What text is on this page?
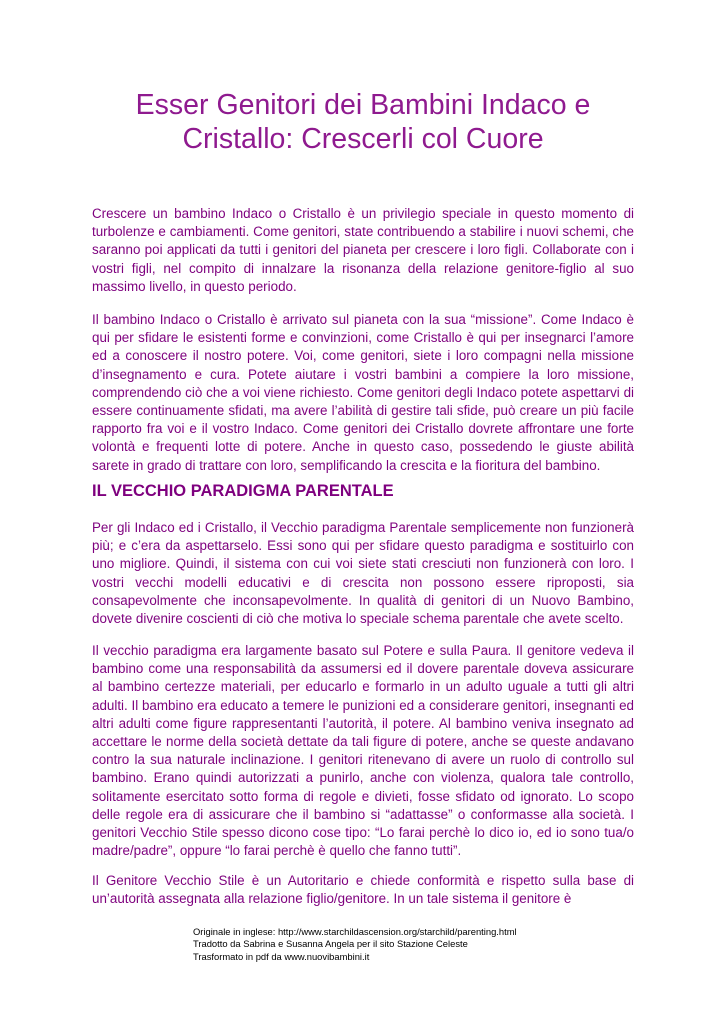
Esser Genitori dei Bambini Indaco e Cristallo: Crescerli col Cuore

Crescere un bambino Indaco o Cristallo è un privilegio speciale in questo momento di turbolenze e cambiamenti. Come genitori, state contribuendo a stabilire i nuovi schemi, che saranno poi applicati da tutti i genitori del pianeta per crescere i loro figli. Collaborate con i vostri figli, nel compito di innalzare la risonanza della relazione genitore-figlio al suo massimo livello, in questo periodo.

Il bambino Indaco o Cristallo è arrivato sul pianeta con la sua “missione”. Come Indaco è qui per sfidare le esistenti forme e convinzioni, come Cristallo è qui per insegnarci l’amore ed a conoscere il nostro potere. Voi, come genitori, siete i loro compagni nella missione d’insegnamento e cura. Potete aiutare i vostri bambini a compiere la loro missione, comprendendo ciò che a voi viene richiesto. Come genitori degli Indaco potete aspettarvi di essere continuamente sfidati, ma avere l’abilità di gestire tali sfide, può creare un più facile rapporto fra voi e il vostro Indaco. Come genitori dei Cristallo dovrete affrontare une forte volontà e frequenti lotte di potere. Anche in questo caso, possedendo le giuste abilità sarete in grado di trattare con loro, semplificando la crescita e la fioritura del bambino.

IL VECCHIO PARADIGMA PARENTALE

Per gli Indaco ed i Cristallo, il Vecchio paradigma Parentale semplicemente non funzionerà più; e c’era da aspettarselo. Essi sono qui per sfidare questo paradigma e sostituirlo con uno migliore. Quindi, il sistema con cui voi siete stati cresciuti non funzionerà con loro. I vostri vecchi modelli educativi e di crescita non possono essere riproposti, sia consapevolmente che inconsapevolmente. In qualità di genitori di un Nuovo Bambino, dovete divenire coscienti di ciò che motiva lo speciale schema parentale che avete scelto.

Il vecchio paradigma era largamente basato sul Potere e sulla Paura. Il genitore vedeva il bambino come una responsabilità da assumersi ed il dovere parentale doveva assicurare al bambino certezze materiali, per educarlo e formarlo in un adulto uguale a tutti gli altri adulti. Il bambino era educato a temere le punizioni ed a considerare genitori, insegnanti ed altri adulti come figure rappresentanti l’autorità, il potere. Al bambino veniva insegnato ad accettare le norme della società dettate da tali figure di potere, anche se queste andavano contro la sua naturale inclinazione. I genitori ritenevano di avere un ruolo di controllo sul bambino. Erano quindi autorizzati a punirlo, anche con violenza, qualora tale controllo, solitamente esercitato sotto forma di regole e divieti, fosse sfidato od ignorato. Lo scopo delle regole era di assicurare che il bambino si “adattasse” o conformasse alla società. I genitori Vecchio Stile spesso dicono cose tipo: “Lo farai perchè lo dico io, ed io sono tua/o madre/padre”, oppure “lo farai perchè è quello che fanno tutti”.

Il Genitore Vecchio Stile è un Autoritario e chiede conformità e rispetto sulla base di un’autorità assegnata alla relazione figlio/genitore. In un tale sistema il genitore è

Originale in inglese: http://www.starchildascension.org/starchild/parenting.html
Tradotto da Sabrina e Susanna Angela per il sito Stazione Celeste
Trasformato in pdf da www.nuovibambini.it
